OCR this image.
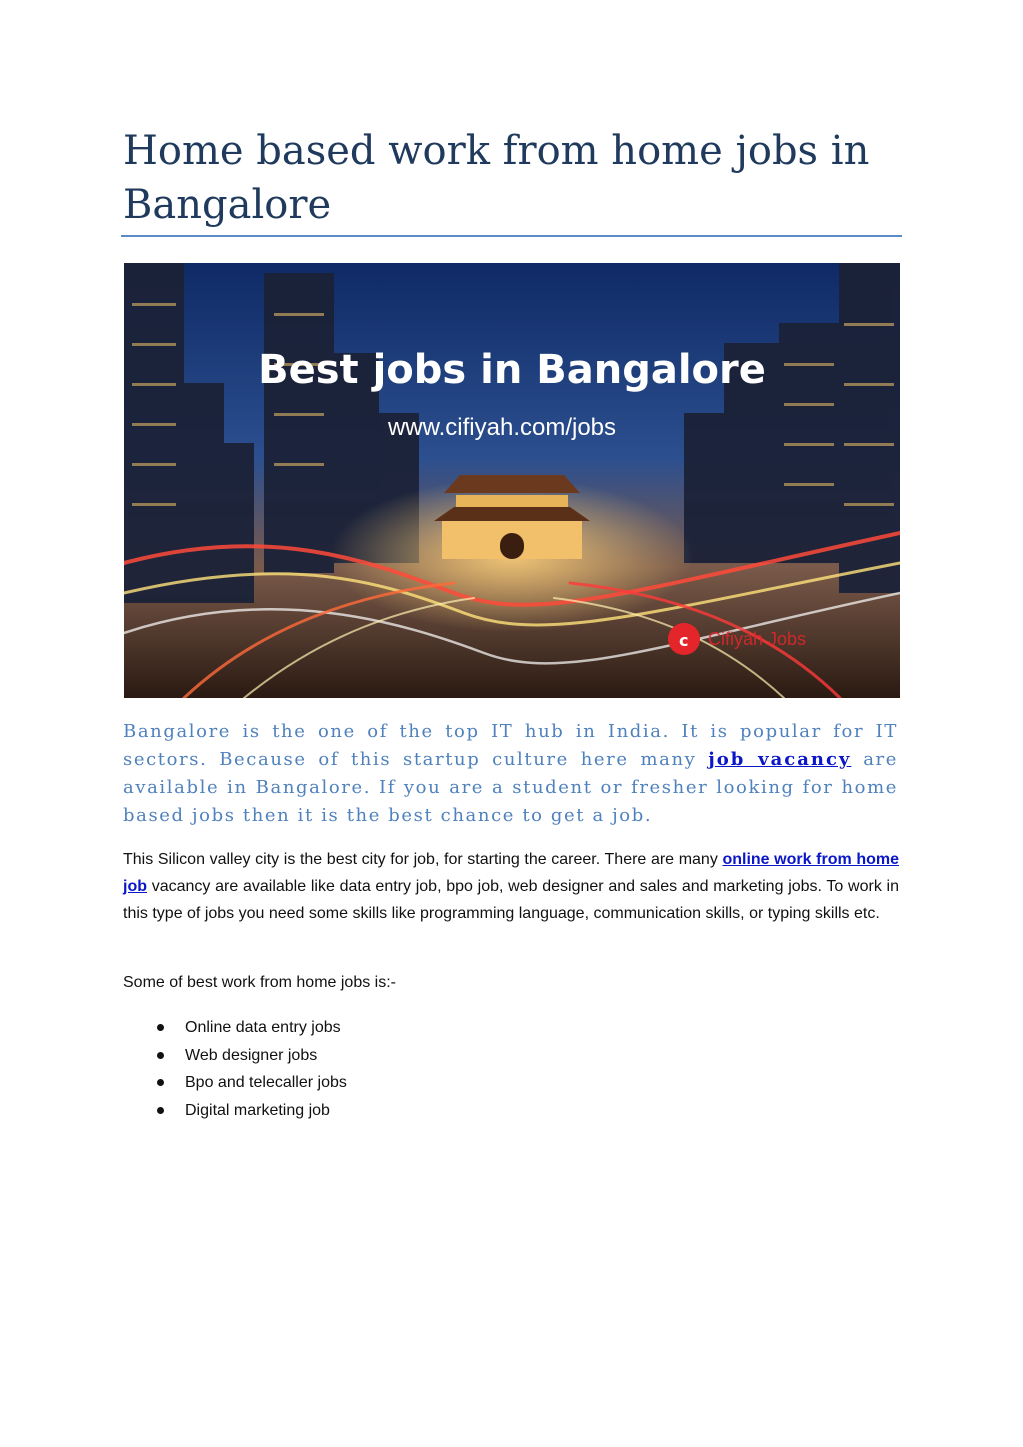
Home based work from home jobs in Bangalore
Best jobs in Bangalore
www.cifiyah.com/jobs
c Cifiyah Jobs

Bangalore is the one of the top IT hub in India. It is popular for IT sectors. Because of this startup culture here many job vacancy are available in Bangalore. If you are a student or fresher looking for home based jobs then it is the best chance to get a job.

This Silicon valley city is the best city for job, for starting the career. There are many online work from home job vacancy are available like data entry job, bpo job, web designer and sales and marketing jobs. To work in this type of jobs you need some skills like programming language, communication skills, or typing skills etc.

Some of best work from home jobs is:-

Online data entry jobs
Web designer jobs
Bpo and telecaller jobs
Digital marketing job
